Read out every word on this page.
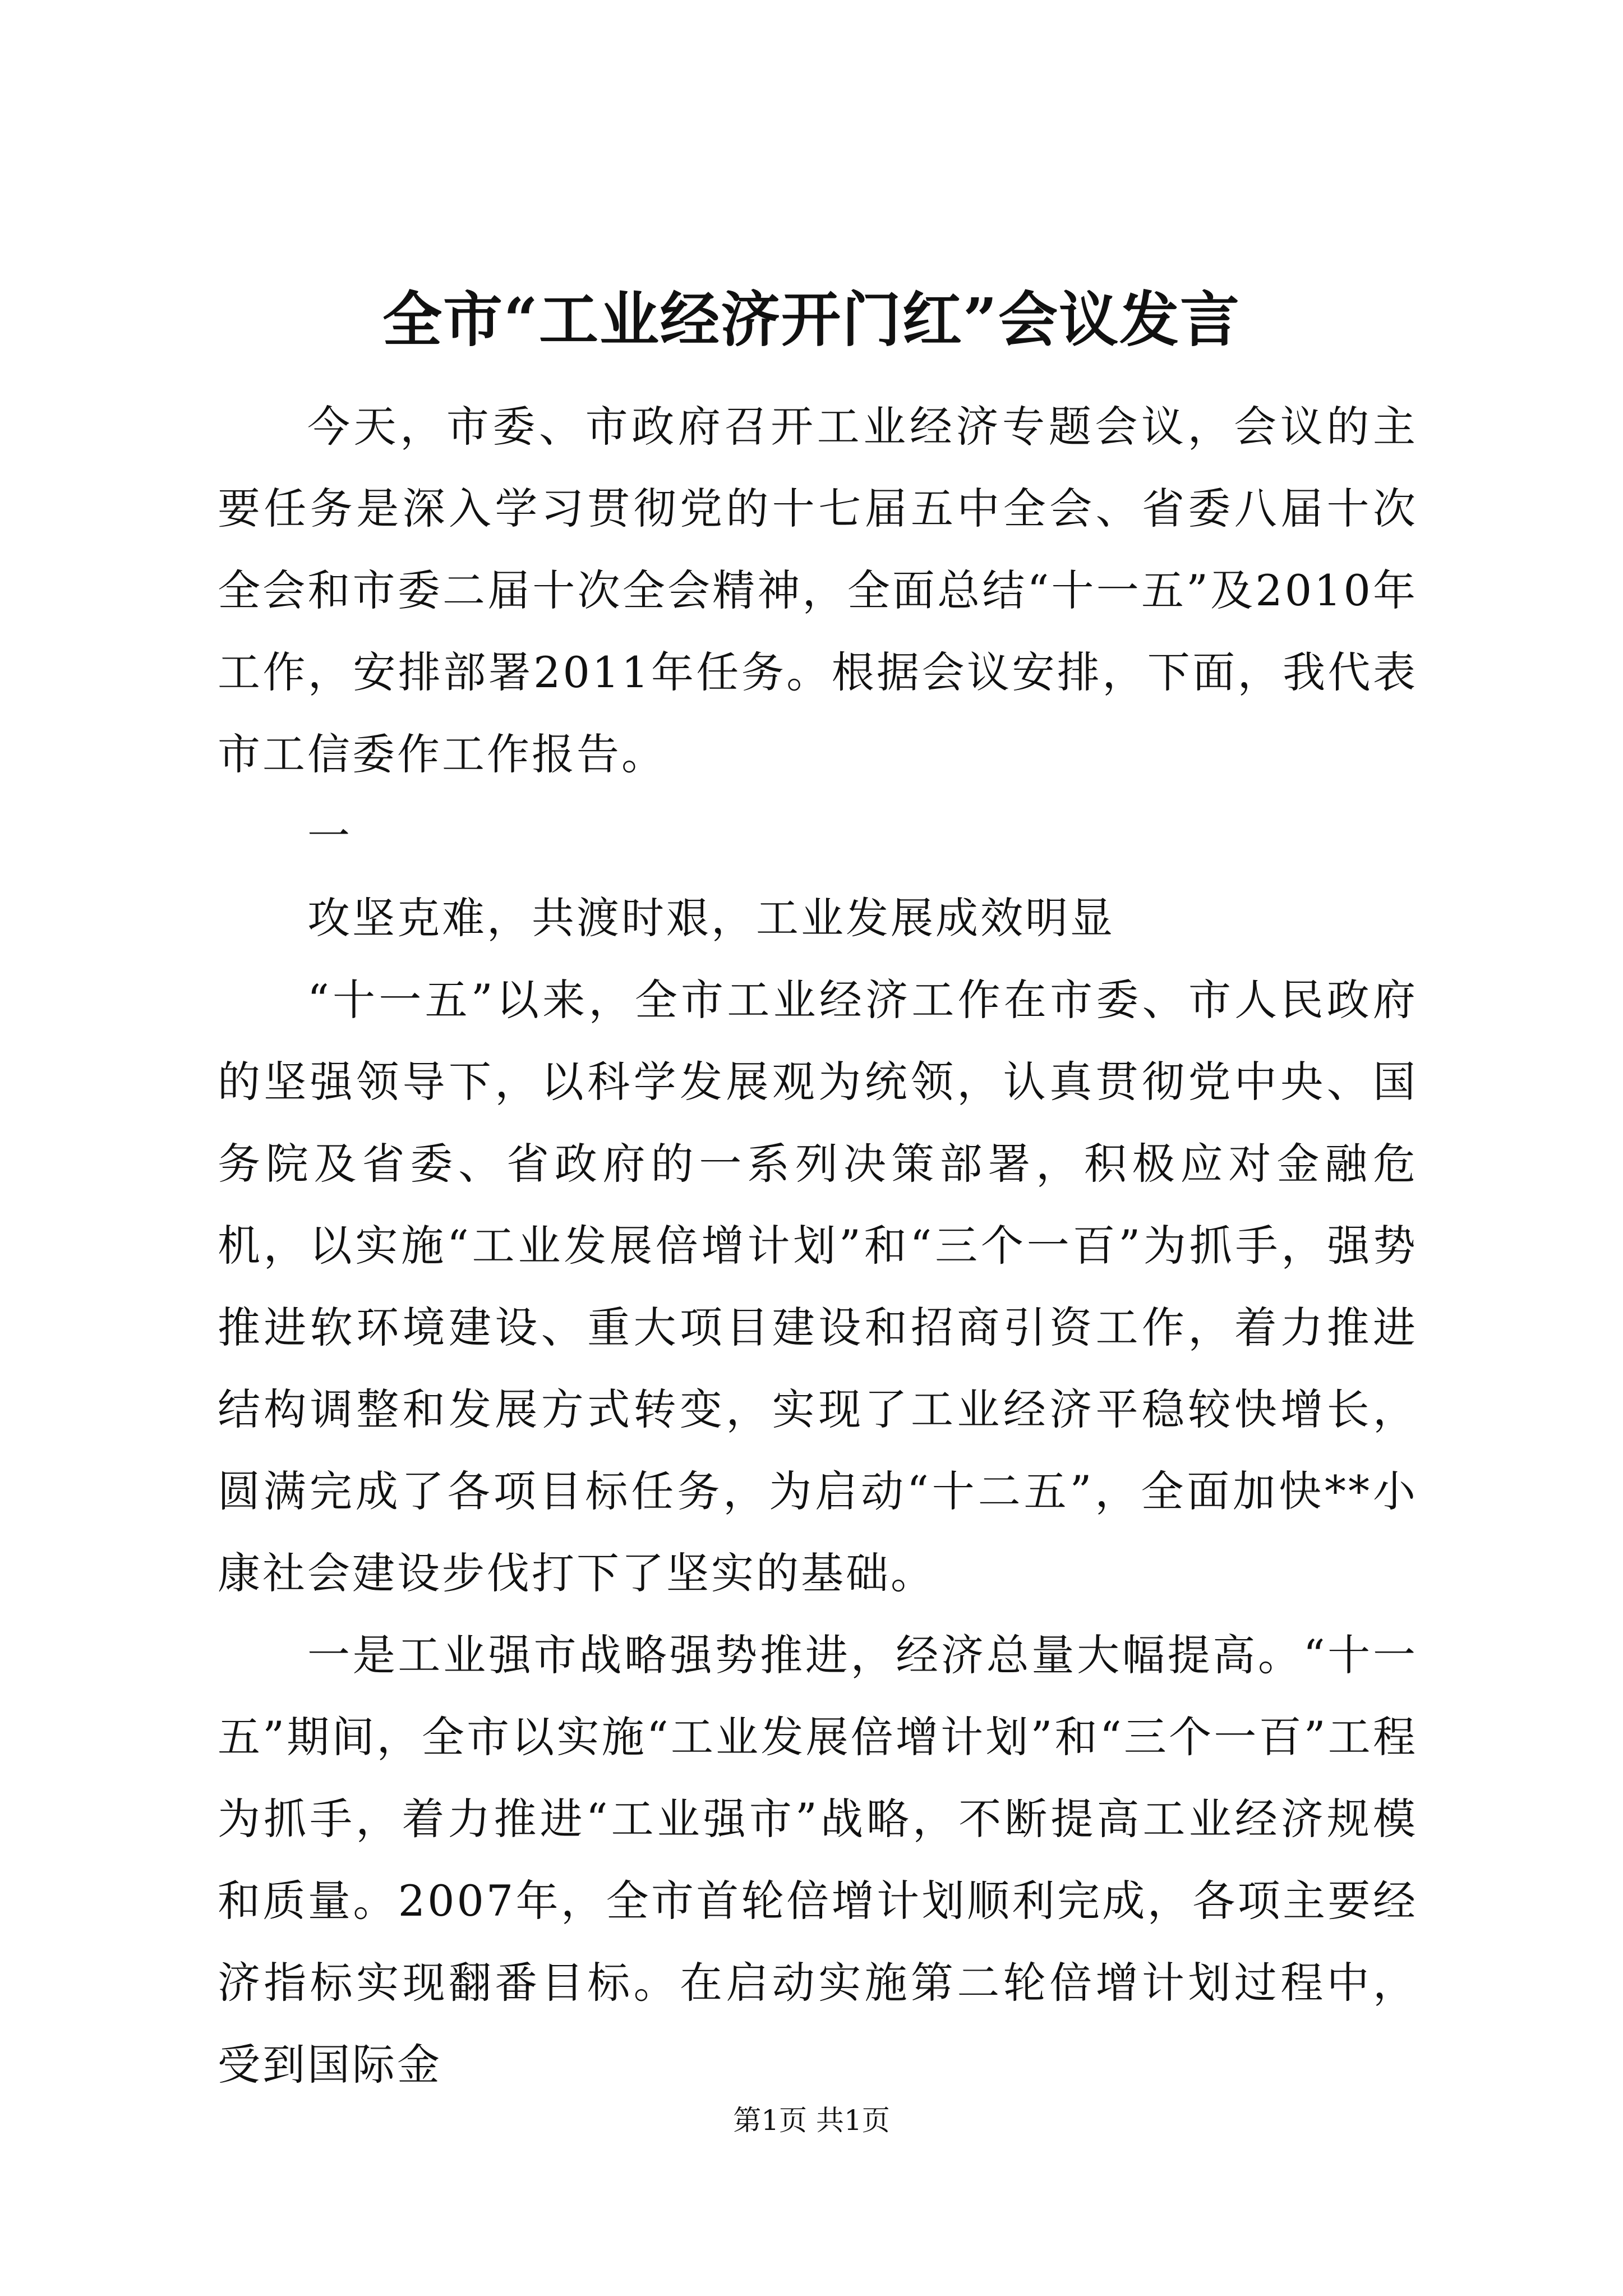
全市“工业经济开门红”会议发言

今天，市委、市政府召开工业经济专题会议，会议的主要任务是深入学习贯彻党的十七届五中全会、省委八届十次全会和市委二届十次全会精神，全面总结“十一五”及2010年工作，安排部署2011年任务。根据会议安排，下面，我代表市工信委作工作报告。

一

攻坚克难，共渡时艰，工业发展成效明显

“十一五”以来，全市工业经济工作在市委、市人民政府的坚强领导下，以科学发展观为统领，认真贯彻党中央、国务院及省委、省政府的一系列决策部署，积极应对金融危机，以实施“工业发展倍增计划”和“三个一百”为抓手，强势推进软环境建设、重大项目建设和招商引资工作，着力推进结构调整和发展方式转变，实现了工业经济平稳较快增长，圆满完成了各项目标任务，为启动“十二五”，全面加快**小康社会建设步伐打下了坚实的基础。

一是工业强市战略强势推进，经济总量大幅提高。“十一五”期间，全市以实施“工业发展倍增计划”和“三个一百”工程为抓手，着力推进“工业强市”战略，不断提高工业经济规模和质量。2007年，全市首轮倍增计划顺利完成，各项主要经济指标实现翻番目标。在启动实施第二轮倍增计划过程中，受到国际金

第1页 共1页
